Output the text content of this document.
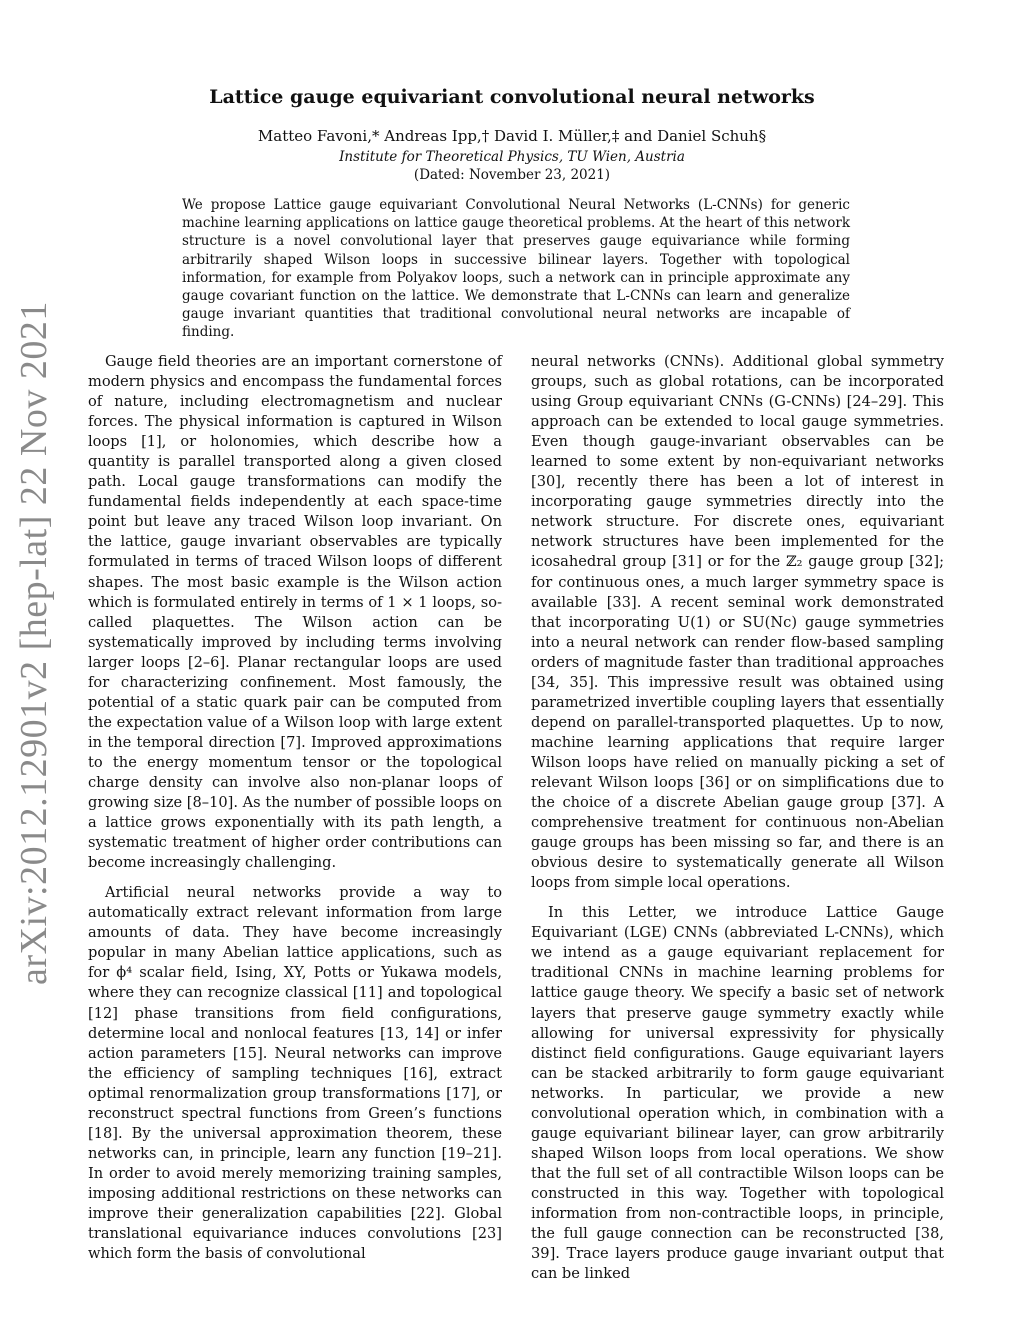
arXiv:2012.12901v2 [hep-lat] 22 Nov 2021
Lattice gauge equivariant convolutional neural networks
Matteo Favoni,* Andreas Ipp,† David I. Müller,‡ and Daniel Schuh§
Institute for Theoretical Physics, TU Wien, Austria
(Dated: November 23, 2021)
We propose Lattice gauge equivariant Convolutional Neural Networks (L-CNNs) for generic machine learning applications on lattice gauge theoretical problems. At the heart of this network structure is a novel convolutional layer that preserves gauge equivariance while forming arbitrarily shaped Wilson loops in successive bilinear layers. Together with topological information, for example from Polyakov loops, such a network can in principle approximate any gauge covariant function on the lattice. We demonstrate that L-CNNs can learn and generalize gauge invariant quantities that traditional convolutional neural networks are incapable of finding.

Gauge field theories are an important cornerstone of modern physics and encompass the fundamental forces of nature, including electromagnetism and nuclear forces. The physical information is captured in Wilson loops [1], or holonomies, which describe how a quantity is parallel transported along a given closed path. Local gauge transformations can modify the fundamental fields independently at each space-time point but leave any traced Wilson loop invariant. On the lattice, gauge invariant observables are typically formulated in terms of traced Wilson loops of different shapes. The most basic example is the Wilson action which is formulated entirely in terms of 1 × 1 loops, so-called plaquettes. The Wilson action can be systematically improved by including terms involving larger loops [2–6]. Planar rectangular loops are used for characterizing confinement. Most famously, the potential of a static quark pair can be computed from the expectation value of a Wilson loop with large extent in the temporal direction [7]. Improved approximations to the energy momentum tensor or the topological charge density can involve also non-planar loops of growing size [8–10]. As the number of possible loops on a lattice grows exponentially with its path length, a systematic treatment of higher order contributions can become increasingly challenging.

Artificial neural networks provide a way to automatically extract relevant information from large amounts of data. They have become increasingly popular in many Abelian lattice applications, such as for ϕ⁴ scalar field, Ising, XY, Potts or Yukawa models, where they can recognize classical [11] and topological [12] phase transitions from field configurations, determine local and nonlocal features [13, 14] or infer action parameters [15]. Neural networks can improve the efficiency of sampling techniques [16], extract optimal renormalization group transformations [17], or reconstruct spectral functions from Green’s functions [18]. By the universal approximation theorem, these networks can, in principle, learn any function [19–21]. In order to avoid merely memorizing training samples, imposing additional restrictions on these networks can improve their generalization capabilities [22]. Global translational equivariance induces convolutions [23] which form the basis of convolutional

neural networks (CNNs). Additional global symmetry groups, such as global rotations, can be incorporated using Group equivariant CNNs (G-CNNs) [24–29]. This approach can be extended to local gauge symmetries. Even though gauge-invariant observables can be learned to some extent by non-equivariant networks [30], recently there has been a lot of interest in incorporating gauge symmetries directly into the network structure. For discrete ones, equivariant network structures have been implemented for the icosahedral group [31] or for the ℤ₂ gauge group [32]; for continuous ones, a much larger symmetry space is available [33]. A recent seminal work demonstrated that incorporating U(1) or SU(Nc) gauge symmetries into a neural network can render flow-based sampling orders of magnitude faster than traditional approaches [34, 35]. This impressive result was obtained using parametrized invertible coupling layers that essentially depend on parallel-transported plaquettes. Up to now, machine learning applications that require larger Wilson loops have relied on manually picking a set of relevant Wilson loops [36] or on simplifications due to the choice of a discrete Abelian gauge group [37]. A comprehensive treatment for continuous non-Abelian gauge groups has been missing so far, and there is an obvious desire to systematically generate all Wilson loops from simple local operations.

In this Letter, we introduce Lattice Gauge Equivariant (LGE) CNNs (abbreviated L-CNNs), which we intend as a gauge equivariant replacement for traditional CNNs in machine learning problems for lattice gauge theory. We specify a basic set of network layers that preserve gauge symmetry exactly while allowing for universal expressivity for physically distinct field configurations. Gauge equivariant layers can be stacked arbitrarily to form gauge equivariant networks. In particular, we provide a new convolutional operation which, in combination with a gauge equivariant bilinear layer, can grow arbitrarily shaped Wilson loops from local operations. We show that the full set of all contractible Wilson loops can be constructed in this way. Together with topological information from non-contractible loops, in principle, the full gauge connection can be reconstructed [38, 39]. Trace layers produce gauge invariant output that can be linked
